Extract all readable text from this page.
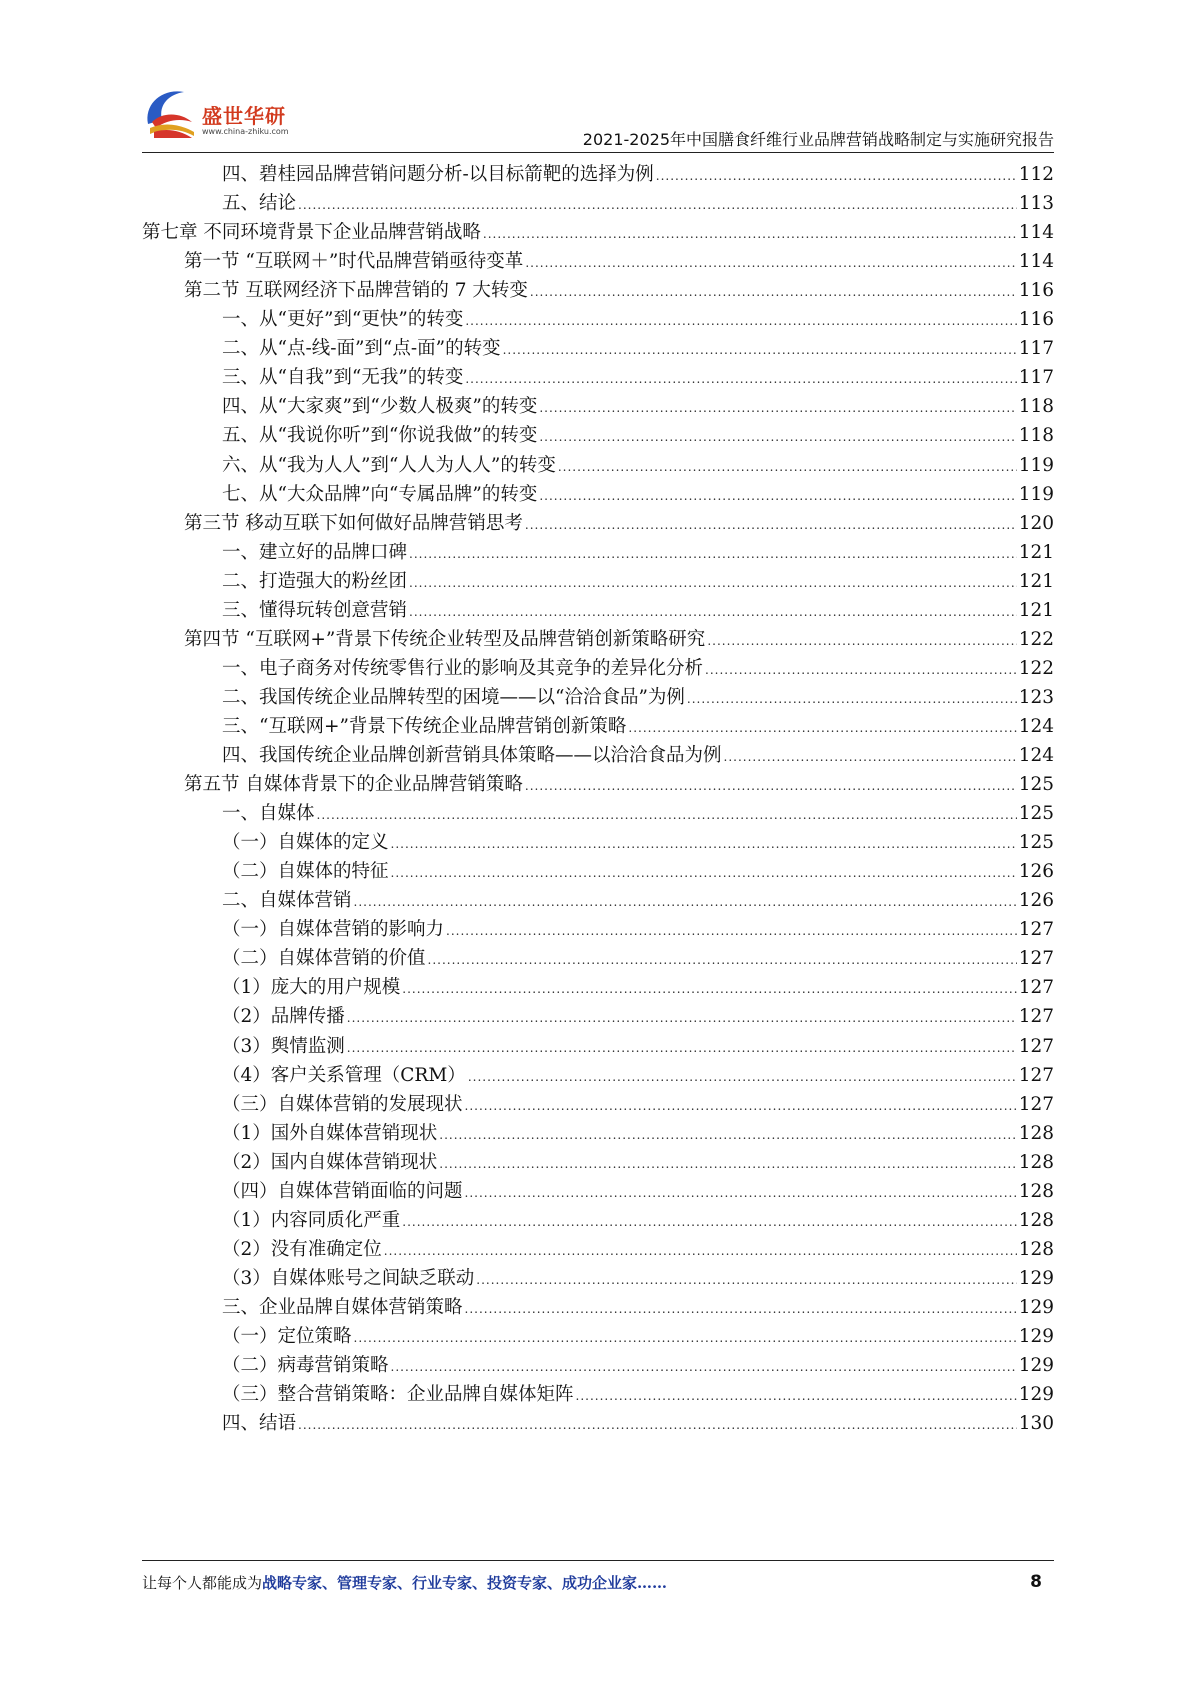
盛世华研
www.china-zhiku.com	2021-2025年中国膳食纤维行业品牌营销战略制定与实施研究报告
四、碧桂园品牌营销问题分析-以目标箭靶的选择为例 .....	112
五、结论 .....	113
第七章 不同环境背景下企业品牌营销战略 .....	114
第一节 “互联网＋”时代品牌营销亟待变革 .....	114
第二节 互联网经济下品牌营销的 7 大转变 .....	116
一、从“更好”到“更快”的转变 .....	116
二、从“点-线-面”到“点-面”的转变 .....	117
三、从“自我”到“无我”的转变 .....	117
四、从“大家爽”到“少数人极爽”的转变 .....	118
五、从“我说你听”到“你说我做”的转变 .....	118
六、从“我为人人”到“人人为人人”的转变 .....	119
七、从“大众品牌”向“专属品牌”的转变 .....	119
第三节 移动互联下如何做好品牌营销思考 .....	120
一、建立好的品牌口碑 .....	121
二、打造强大的粉丝团 .....	121
三、懂得玩转创意营销 .....	121
第四节 “互联网+”背景下传统企业转型及品牌营销创新策略研究 .....	122
一、电子商务对传统零售行业的影响及其竞争的差异化分析 .....	122
二、我国传统企业品牌转型的困境——以“洽洽食品”为例 .....	123
三、“互联网+”背景下传统企业品牌营销创新策略 .....	124
四、我国传统企业品牌创新营销具体策略——以洽洽食品为例 .....	124
第五节 自媒体背景下的企业品牌营销策略 .....	125
一、自媒体 .....	125
（一）自媒体的定义 .....	125
（二）自媒体的特征 .....	126
二、自媒体营销 .....	126
（一）自媒体营销的影响力 .....	127
（二）自媒体营销的价值 .....	127
（1）庞大的用户规模 .....	127
（2）品牌传播 .....	127
（3）舆情监测 .....	127
（4）客户关系管理（CRM） .....	127
（三）自媒体营销的发展现状 .....	127
（1）国外自媒体营销现状 .....	128
（2）国内自媒体营销现状 .....	128
（四）自媒体营销面临的问题 .....	128
（1）内容同质化严重 .....	128
（2）没有准确定位 .....	128
（3）自媒体账号之间缺乏联动 .....	129
三、企业品牌自媒体营销策略 .....	129
（一）定位策略 .....	129
（二）病毒营销策略 .....	129
（三）整合营销策略：企业品牌自媒体矩阵 .....	129
四、结语 .....	130
让每个人都能成为战略专家、管理专家、行业专家、投资专家、成功企业家……	8
